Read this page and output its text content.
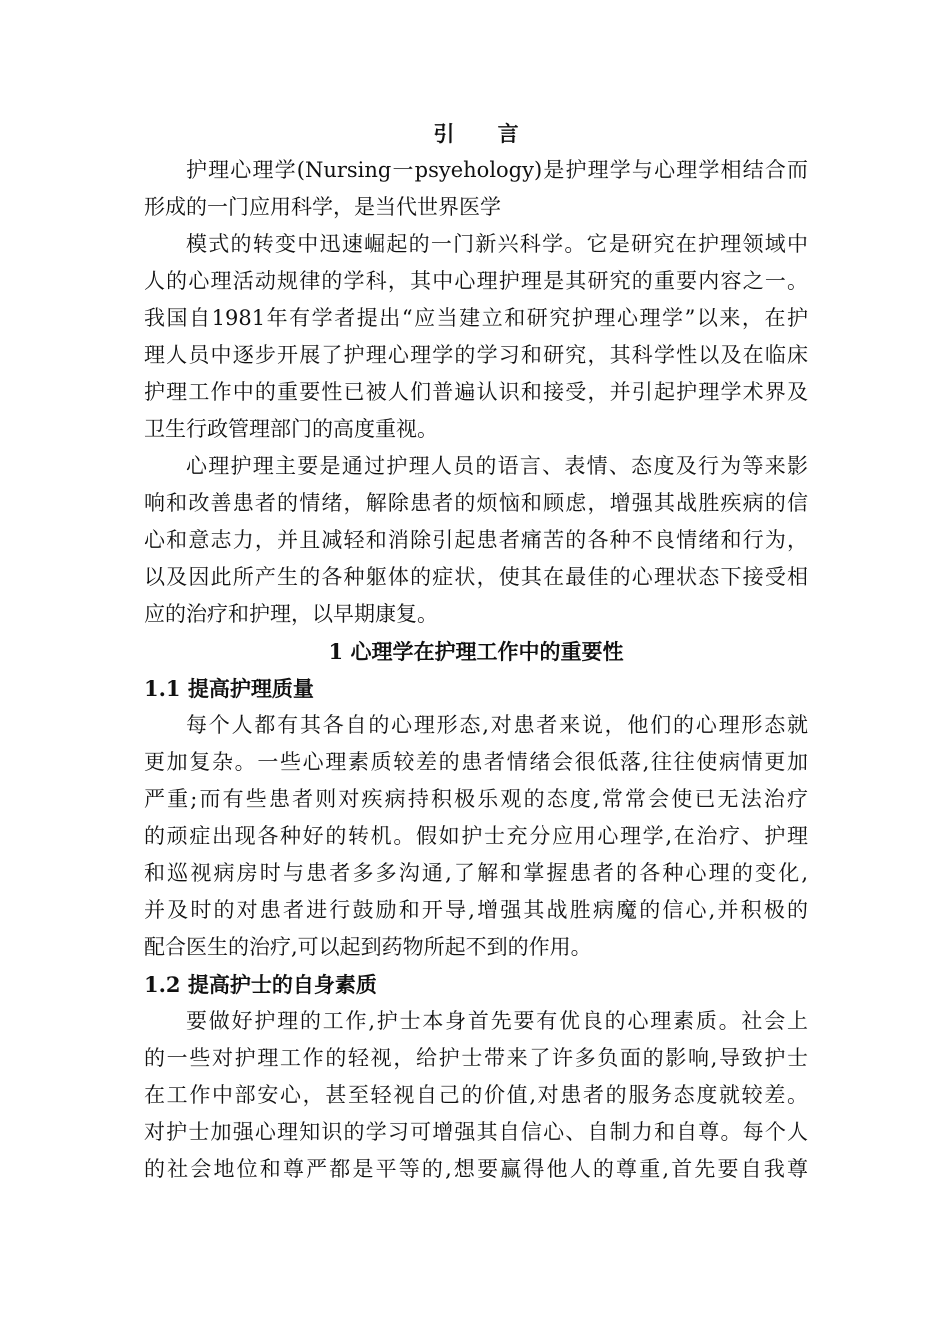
引 言
护理心理学(Nursing一psyehology)是护理学与心理学相结合而
形成的一门应用科学，是当代世界医学
模式的转变中迅速崛起的一门新兴科学。它是研究在护理领域中
人的心理活动规律的学科，其中心理护理是其研究的重要内容之一。
我国自1981年有学者提出“应当建立和研究护理心理学”以来，在护
理人员中逐步开展了护理心理学的学习和研究，其科学性以及在临床
护理工作中的重要性已被人们普遍认识和接受，并引起护理学术界及
卫生行政管理部门的高度重视。
心理护理主要是通过护理人员的语言、表情、态度及行为等来影
响和改善患者的情绪，解除患者的烦恼和顾虑，增强其战胜疾病的信
心和意志力，并且减轻和消除引起患者痛苦的各种不良情绪和行为，
以及因此所产生的各种躯体的症状，使其在最佳的心理状态下接受相
应的治疗和护理，以早期康复。
1 心理学在护理工作中的重要性
1.1 提高护理质量
每个人都有其各自的心理形态,对患者来说，他们的心理形态就
更加复杂。一些心理素质较差的患者情绪会很低落,往往使病情更加
严重;而有些患者则对疾病持积极乐观的态度,常常会使已无法治疗
的顽症出现各种好的转机。假如护士充分应用心理学,在治疗、护理
和巡视病房时与患者多多沟通,了解和掌握患者的各种心理的变化,
并及时的对患者进行鼓励和开导,增强其战胜病魔的信心,并积极的
配合医生的治疗,可以起到药物所起不到的作用。
1.2 提高护士的自身素质
要做好护理的工作,护士本身首先要有优良的心理素质。社会上
的一些对护理工作的轻视，给护士带来了许多负面的影响,导致护士
在工作中部安心，甚至轻视自己的价值,对患者的服务态度就较差。
对护士加强心理知识的学习可增强其自信心、自制力和自尊。每个人
的社会地位和尊严都是平等的,想要赢得他人的尊重,首先要自我尊
